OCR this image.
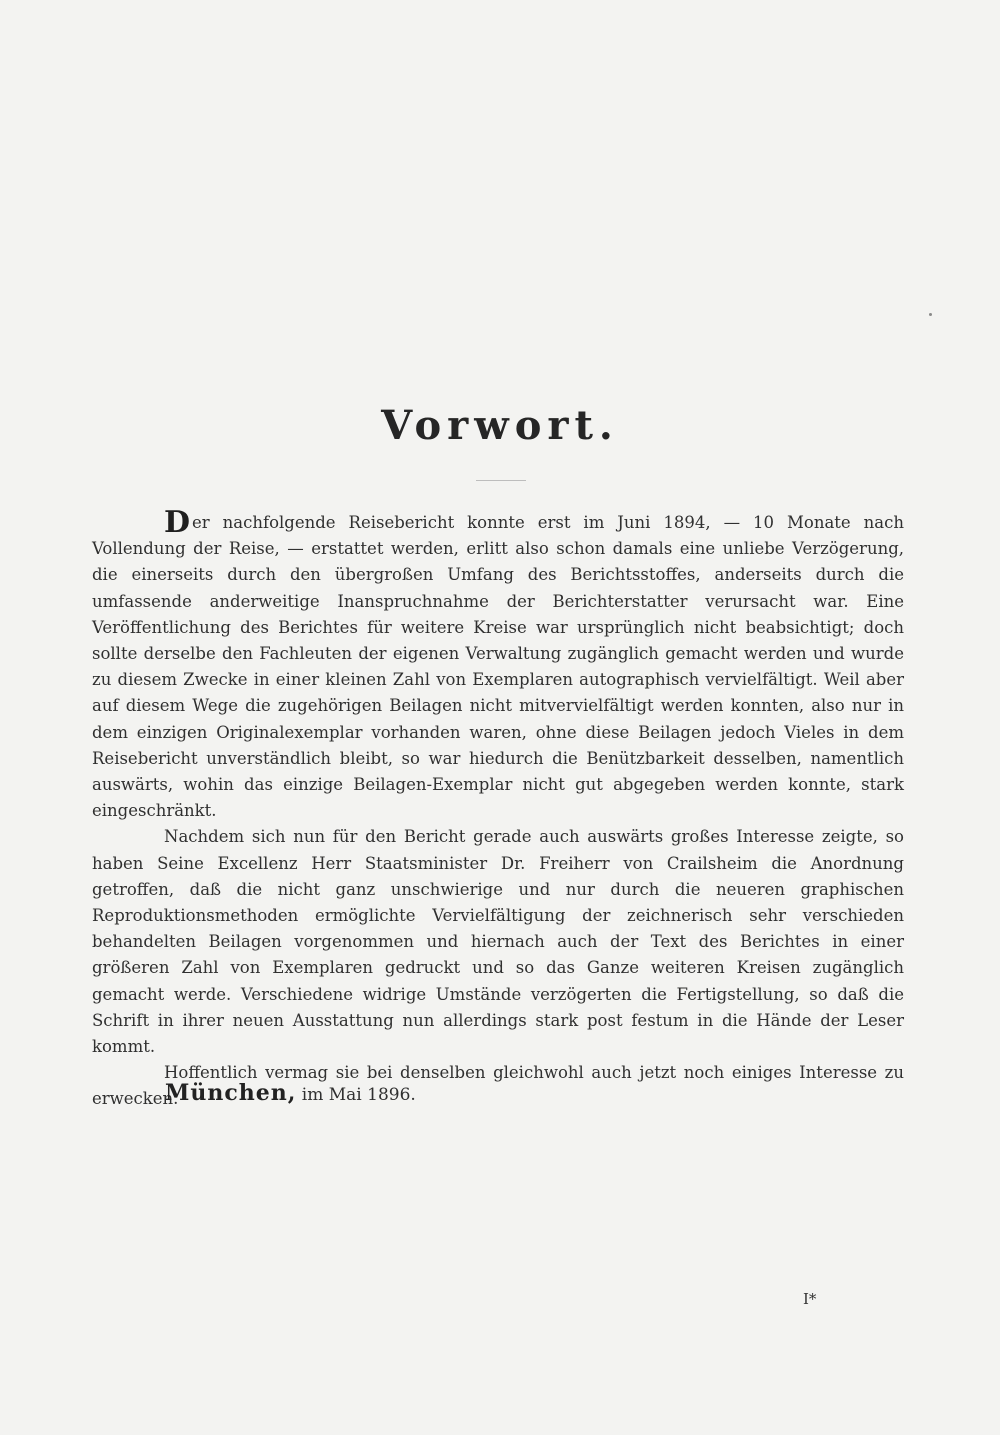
Vorwort.

Der nachfolgende Reisebericht konnte erst im Juni 1894, — 10 Monate nach Vollendung der Reise, — erstattet werden, erlitt also schon damals eine unliebe Verzögerung, die einerseits durch den übergroßen Umfang des Berichtsstoffes, anderseits durch die umfassende anderweitige Inanspruchnahme der Berichterstatter verursacht war. Eine Veröffentlichung des Berichtes für weitere Kreise war ursprünglich nicht beabsichtigt; doch sollte derselbe den Fachleuten der eigenen Verwaltung zugänglich gemacht werden und wurde zu diesem Zwecke in einer kleinen Zahl von Exemplaren autographisch vervielfältigt. Weil aber auf diesem Wege die zugehörigen Beilagen nicht mitvervielfältigt werden konnten, also nur in dem einzigen Originalexemplar vorhanden waren, ohne diese Beilagen jedoch Vieles in dem Reisebericht unverständlich bleibt, so war hiedurch die Benützbarkeit desselben, namentlich auswärts, wohin das einzige Beilagen-Exemplar nicht gut abgegeben werden konnte, stark eingeschränkt.

Nachdem sich nun für den Bericht gerade auch auswärts großes Interesse zeigte, so haben Seine Excellenz Herr Staatsminister Dr. Freiherr von Crailsheim die Anordnung getroffen, daß die nicht ganz unschwierige und nur durch die neueren graphischen Reproduktionsmethoden ermöglichte Vervielfältigung der zeichnerisch sehr verschieden behandelten Beilagen vorgenommen und hiernach auch der Text des Berichtes in einer größeren Zahl von Exemplaren gedruckt und so das Ganze weiteren Kreisen zugänglich gemacht werde. Verschiedene widrige Umstände verzögerten die Fertigstellung, so daß die Schrift in ihrer neuen Ausstattung nun allerdings stark post festum in die Hände der Leser kommt.

Hoffentlich vermag sie bei denselben gleichwohl auch jetzt noch einiges Interesse zu erwecken.

München, im Mai 1896.
I*
